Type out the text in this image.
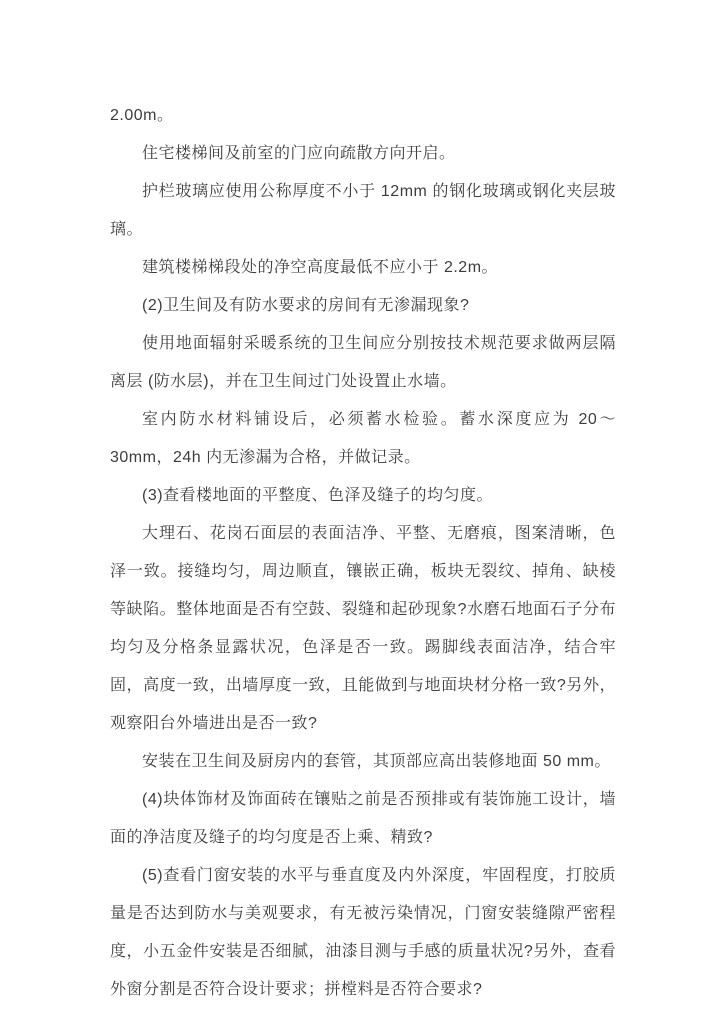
2.00m。

住宅楼梯间及前室的门应向疏散方向开启。

护栏玻璃应使用公称厚度不小于 12mm 的钢化玻璃或钢化夹层玻璃。

建筑楼梯梯段处的净空高度最低不应小于 2.2m。

(2)卫生间及有防水要求的房间有无渗漏现象?

使用地面辐射采暖系统的卫生间应分别按技术规范要求做两层隔离层 (防水层)，并在卫生间过门处设置止水墙。

室内防水材料铺设后，必须蓄水检验。蓄水深度应为 20～30mm，24h 内无渗漏为合格，并做记录。

(3)查看楼地面的平整度、色泽及缝子的均匀度。

大理石、花岗石面层的表面洁净、平整、无磨痕，图案清晰，色泽一致。接缝均匀，周边顺直，镶嵌正确，板块无裂纹、掉角、缺棱等缺陷。整体地面是否有空鼓、裂缝和起砂现象?水磨石地面石子分布均匀及分格条显露状况，色泽是否一致。踢脚线表面洁净，结合牢固，高度一致，出墙厚度一致，且能做到与地面块材分格一致?另外，观察阳台外墙进出是否一致?

安装在卫生间及厨房内的套管，其顶部应高出装修地面 50 mm。

(4)块体饰材及饰面砖在镶贴之前是否预排或有装饰施工设计，墙面的净洁度及缝子的均匀度是否上乘、精致?

(5)查看门窗安装的水平与垂直度及内外深度，牢固程度，打胶质量是否达到防水与美观要求，有无被污染情况，门窗安装缝隙严密程度，小五金件安装是否细腻，油漆目测与手感的质量状况?另外，查看外窗分割是否符合设计要求；拼樘料是否符合要求?
